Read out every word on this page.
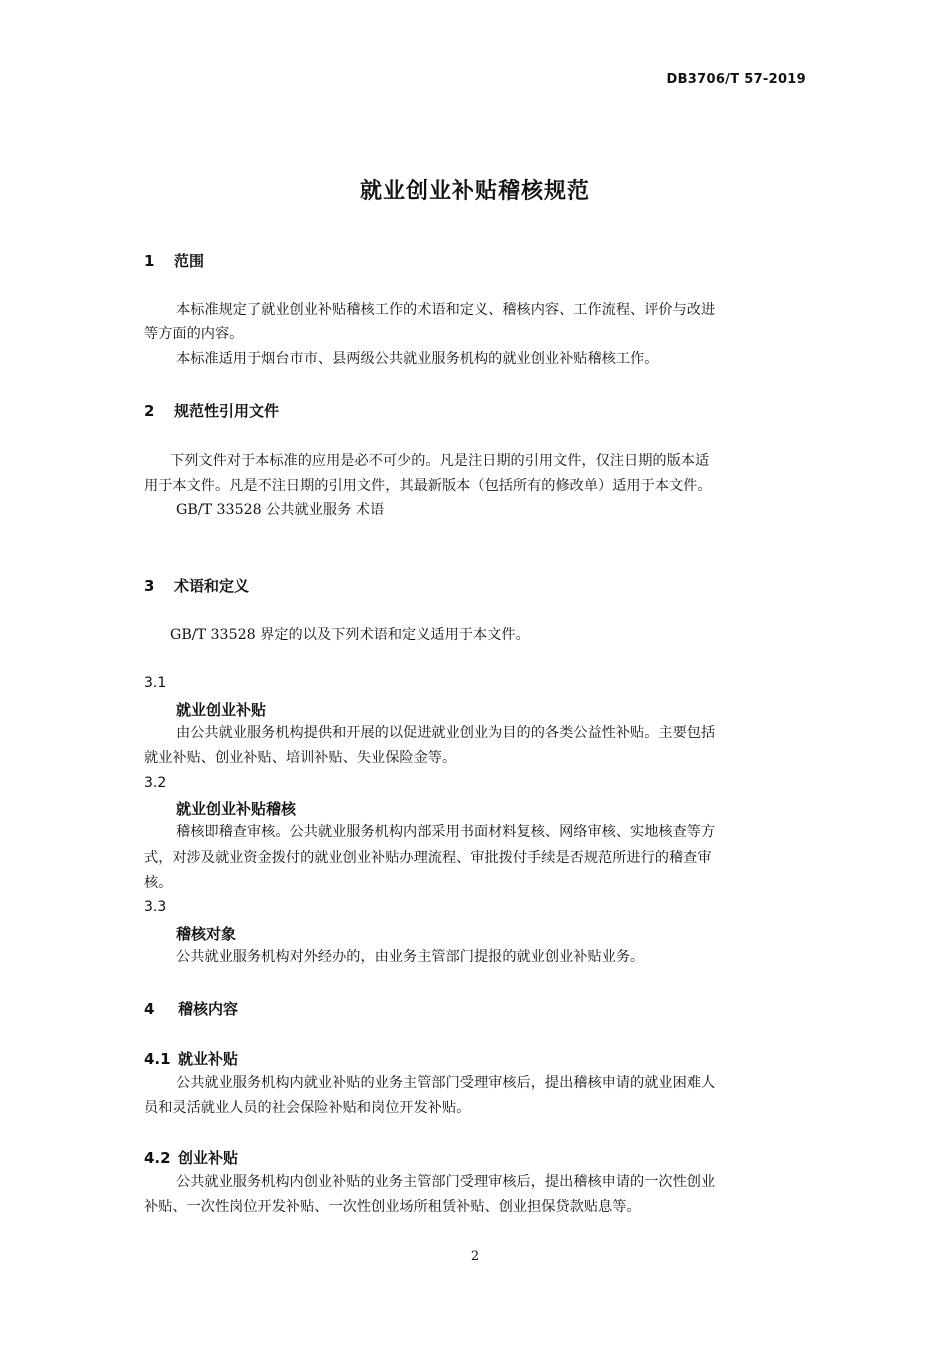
DB3706/T 57-2019
就业创业补贴稽核规范
1 范围
本标准规定了就业创业补贴稽核工作的术语和定义、稽核内容、工作流程、评价与改进
等方面的内容。
本标准适用于烟台市市、县两级公共就业服务机构的就业创业补贴稽核工作。
2 规范性引用文件
下列文件对于本标准的应用是必不可少的。凡是注日期的引用文件，仅注日期的版本适
用于本文件。凡是不注日期的引用文件，其最新版本（包括所有的修改单）适用于本文件。
GB/T 33528 公共就业服务 术语
3 术语和定义
GB/T 33528 界定的以及下列术语和定义适用于本文件。
3.1
就业创业补贴
由公共就业服务机构提供和开展的以促进就业创业为目的的各类公益性补贴。主要包括
就业补贴、创业补贴、培训补贴、失业保险金等。
3.2
就业创业补贴稽核
稽核即稽查审核。公共就业服务机构内部采用书面材料复核、网络审核、实地核查等方
式，对涉及就业资金拨付的就业创业补贴办理流程、审批拨付手续是否规范所进行的稽查审
核。
3.3
稽核对象
公共就业服务机构对外经办的，由业务主管部门提报的就业创业补贴业务。
4 稽核内容
4.1 就业补贴
公共就业服务机构内就业补贴的业务主管部门受理审核后，提出稽核申请的就业困难人
员和灵活就业人员的社会保险补贴和岗位开发补贴。
4.2 创业补贴
公共就业服务机构内创业补贴的业务主管部门受理审核后，提出稽核申请的一次性创业
补贴、一次性岗位开发补贴、一次性创业场所租赁补贴、创业担保贷款贴息等。
2
